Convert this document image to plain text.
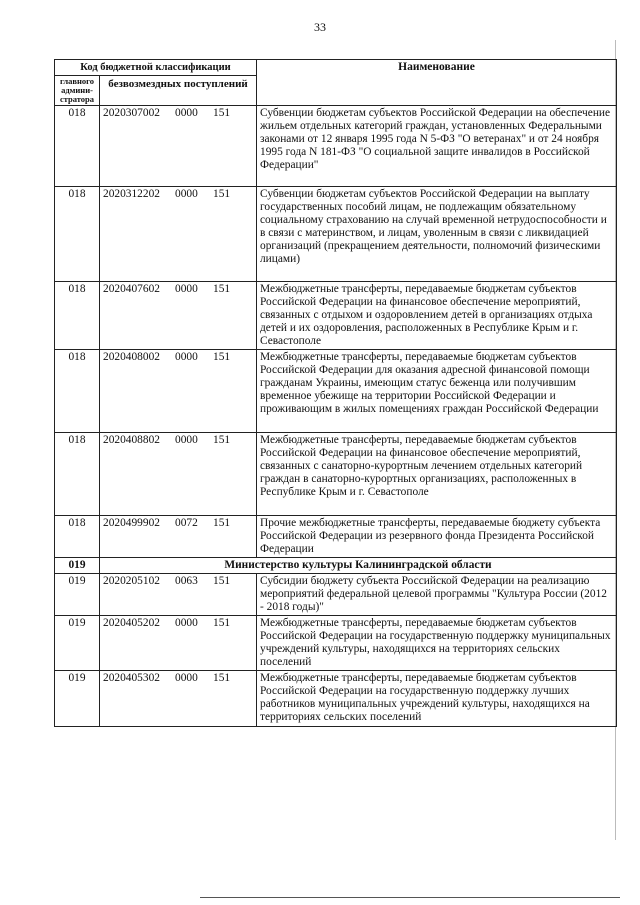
33
Код бюджетной классификации		Наименование
главного админи-стратора	безвозмездных поступлений	
018	2020307002 0000 151	Субвенции бюджетам субъектов Российской Федерации на обеспечение жильем отдельных категорий граждан, установленных Федеральными законами от 12 января 1995 года N 5-ФЗ "О ветеранах" и от 24 ноября 1995 года N 181-ФЗ "О социальной защите инвалидов в Российской Федерации"
018	2020312202 0000 151	Субвенции бюджетам субъектов Российской Федерации на выплату государственных пособий лицам, не подлежащим обязательному социальному страхованию на случай временной нетрудоспособности и в связи с материнством, и лицам, уволенным в связи с ликвидацией организаций (прекращением деятельности, полномочий физическими лицами)
018	2020407602 0000 151	Межбюджетные трансферты, передаваемые бюджетам субъектов Российской Федерации на финансовое обеспечение мероприятий, связанных с отдыхом и оздоровлением детей в организациях отдыха детей и их оздоровления, расположенных в Республике Крым и г. Севастополе
018	2020408002 0000 151	Межбюджетные трансферты, передаваемые бюджетам субъектов Российской Федерации для оказания адресной финансовой помощи гражданам Украины, имеющим статус беженца или получившим временное убежище на территории Российской Федерации и проживающим в жилых помещениях граждан Российской Федерации
018	2020408802 0000 151	Межбюджетные трансферты, передаваемые бюджетам субъектов Российской Федерации на финансовое обеспечение мероприятий, связанных с санаторно-курортным лечением отдельных категорий граждан в санаторно-курортных организациях, расположенных в Республике Крым и г. Севастополе
018	2020499902 0072 151	Прочие межбюджетные трансферты, передаваемые бюджету субъекта Российской Федерации из резервного фонда Президента Российской Федерации
019	Министерство культуры Калининградской области	
019	2020205102 0063 151	Субсидии бюджету субъекта Российской Федерации на реализацию мероприятий федеральной целевой программы "Культура России (2012 - 2018 годы)"
019	2020405202 0000 151	Межбюджетные трансферты, передаваемые бюджетам субъектов Российской Федерации на государственную поддержку муниципальных учреждений культуры, находящихся на территориях сельских поселений
019	2020405302 0000 151	Межбюджетные трансферты, передаваемые бюджетам субъектов Российской Федерации на государственную поддержку лучших работников муниципальных учреждений культуры, находящихся на территориях сельских поселений
